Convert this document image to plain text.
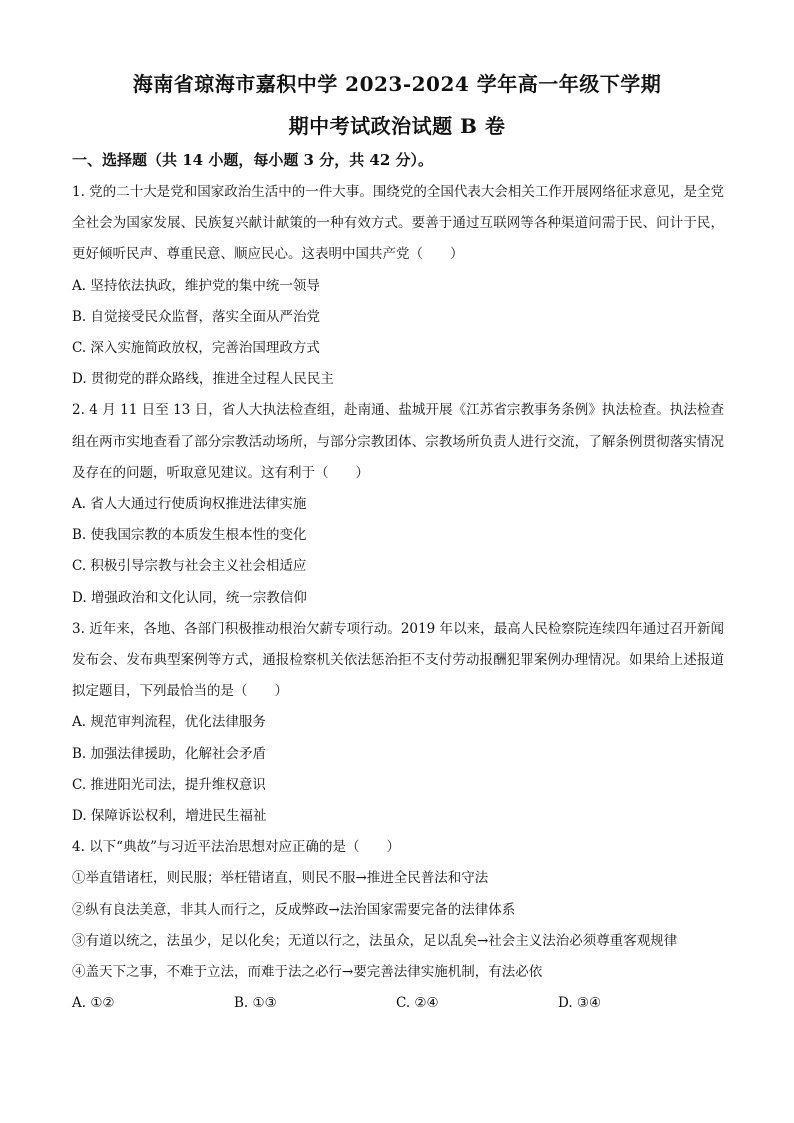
海南省琼海市嘉积中学 2023-2024 学年高一年级下学期
期中考试政治试题 B 卷
一、选择题（共 14 小题，每小题 3 分，共 42 分）。
1. 党的二十大是党和国家政治生活中的一件大事。围绕党的全国代表大会相关工作开展网络征求意见，是全党全社会为国家发展、民族复兴献计献策的一种有效方式。要善于通过互联网等各种渠道问需于民、问计于民，更好倾听民声、尊重民意、顺应民心。这表明中国共产党（　　）
A. 坚持依法执政，维护党的集中统一领导
B. 自觉接受民众监督，落实全面从严治党
C. 深入实施简政放权，完善治国理政方式
D. 贯彻党的群众路线，推进全过程人民民主
2. 4 月 11 日至 13 日，省人大执法检查组，赴南通、盐城开展《江苏省宗教事务条例》执法检查。执法检查组在两市实地查看了部分宗教活动场所，与部分宗教团体、宗教场所负责人进行交流，了解条例贯彻落实情况及存在的问题，听取意见建议。这有利于（　　）
A. 省人大通过行使质询权推进法律实施
B. 使我国宗教的本质发生根本性的变化
C. 积极引导宗教与社会主义社会相适应
D. 增强政治和文化认同，统一宗教信仰
3. 近年来，各地、各部门积极推动根治欠薪专项行动。2019 年以来，最高人民检察院连续四年通过召开新闻发布会、发布典型案例等方式，通报检察机关依法惩治拒不支付劳动报酬犯罪案例办理情况。如果给上述报道拟定题目，下列最恰当的是（　　）
A. 规范审判流程，优化法律服务
B. 加强法律援助，化解社会矛盾
C. 推进阳光司法，提升维权意识
D. 保障诉讼权利，增进民生福祉
4. 以下“典故”与习近平法治思想对应正确的是（　　）
①举直错诸枉，则民服；举枉错诸直，则民不服→推进全民普法和守法
②纵有良法美意，非其人而行之，反成弊政→法治国家需要完备的法律体系
③有道以统之，法虽少，足以化矣；无道以行之，法虽众，足以乱矣→社会主义法治必须尊重客观规律
④盖天下之事，不难于立法，而难于法之必行→要完善法律实施机制，有法必依
A. ①②	B. ①③	C. ②④	D. ③④
